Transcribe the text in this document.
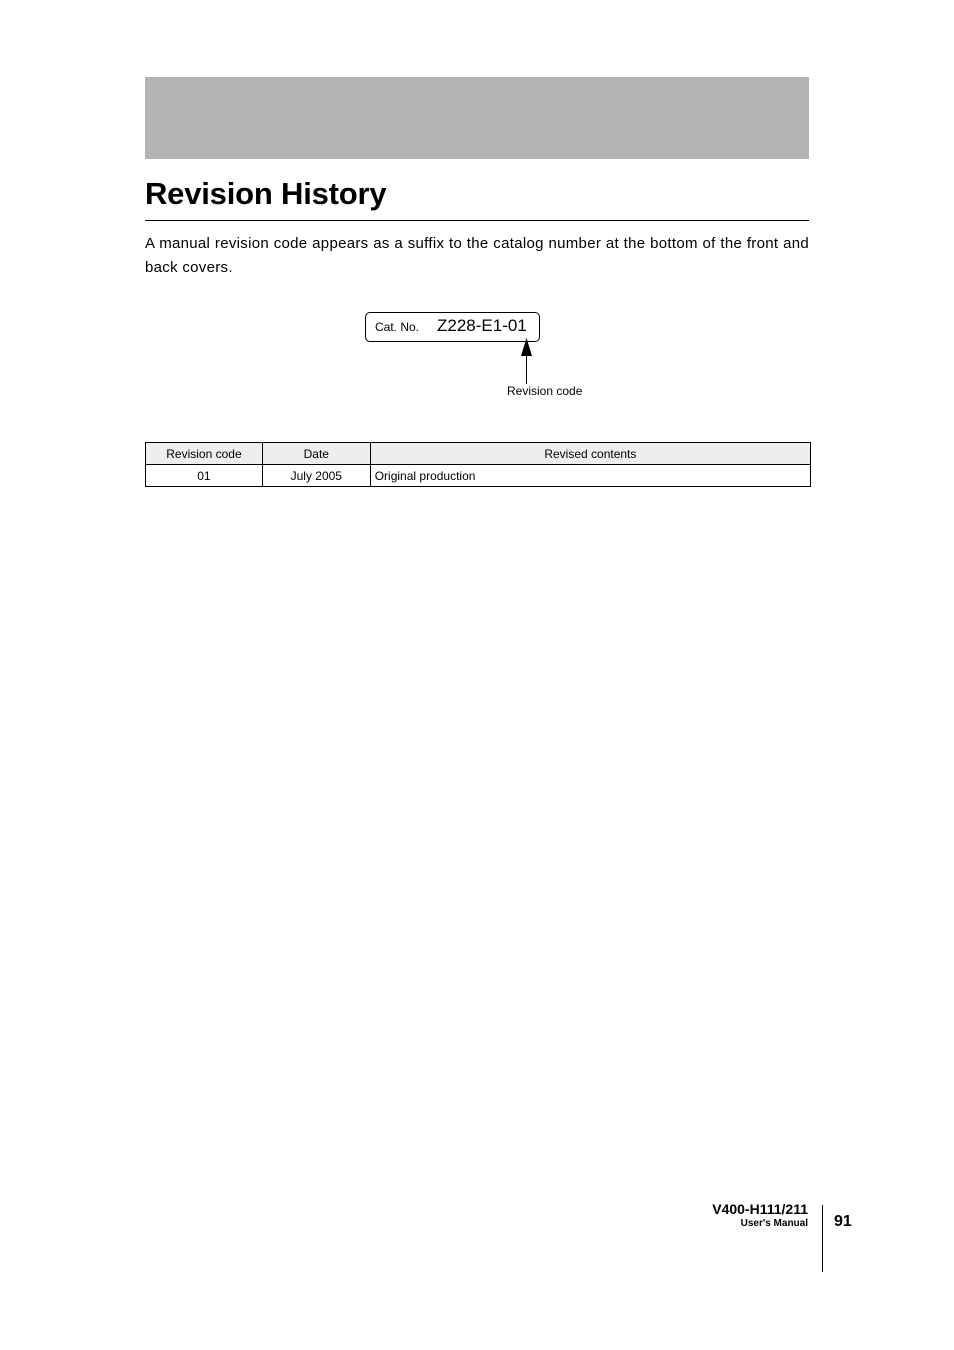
Revision History

A manual revision code appears as a suffix to the catalog number at the bottom of the front and back covers.

Cat. No. Z228-E1-01
Revision code
Revision code	Date	Revised contents
01	July 2005	Original production
V400-H111/211
User's Manual 91
